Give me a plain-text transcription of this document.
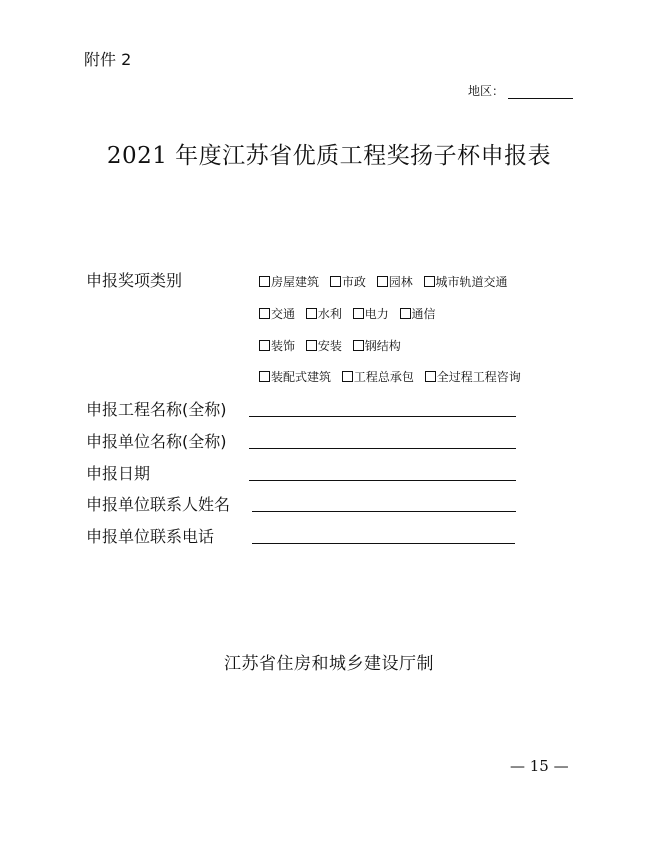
附件 2
地区：
2021 年度江苏省优质工程奖扬子杯申报表
申报奖项类别	房屋建筑 市政 园林 城市轨道交通
交通 水利 电力 通信
装饰 安装 钢结构
装配式建筑 工程总承包 全过程工程咨询
申报工程名称(全称)
申报单位名称(全称)
申报日期
申报单位联系人姓名
申报单位联系电话
江苏省住房和城乡建设厅制
— 15 —
